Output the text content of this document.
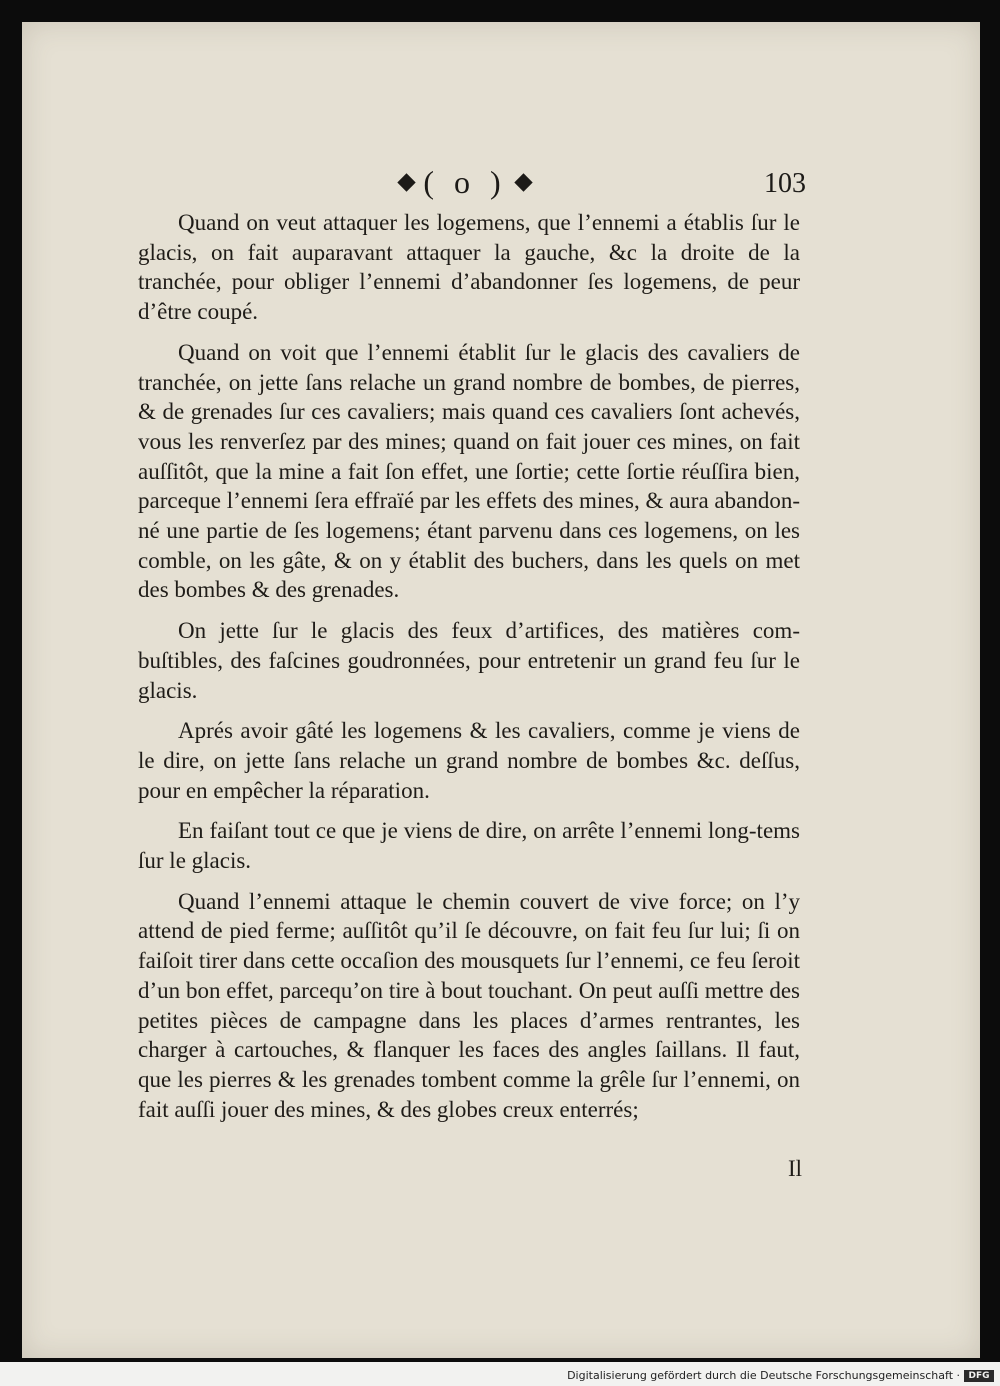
( o )	103

Quand on veut attaquer les logemens, que l’ennemi a établis ſur le glacis, on fait auparavant attaquer la gauche, &c la droite de la tranchée, pour obliger l’ennemi d’abandonner ſes logemens, de peur d’être coupé.

Quand on voit que l’ennemi établit ſur le glacis des cavaliers de tranchée, on jette ſans relache un grand nombre de bombes, de pierres, & de grenades ſur ces cavaliers; mais quand ces cavaliers ſont achevés, vous les renverſez par des mines; quand on fait jouer ces mines, on fait auſſitôt, que la mine a fait ſon effet, une ſortie; cette ſortie réuſſira bien, parceque l’ennemi ſera effraïé par les effets des mines, & aura abandonné une partie de ſes logemens; étant parvenu dans ces logemens, on les comble, on les gâte, & on y établit des buchers, dans les quels on met des bombes & des grenades.

On jette ſur le glacis des feux d’artifices, des matières combuſtibles, des faſcines goudronnées, pour entretenir un grand feu ſur le glacis.

Aprés avoir gâté les logemens & les cavaliers, comme je viens de le dire, on jette ſans relache un grand nombre de bombes &c. deſſus, pour en empêcher la réparation.

En faiſant tout ce que je viens de dire, on arrête l’ennemi long-tems ſur le glacis.

Quand l’ennemi attaque le chemin couvert de vive force; on l’y attend de pied ferme; auſſitôt qu’il ſe découvre, on fait feu ſur lui; ſi on faiſoit tirer dans cette occaſion des mousquets ſur l’ennemi, ce feu ſeroit d’un bon effet, parcequ’on tire à bout touchant. On peut auſſi mettre des petites pièces de campagne dans les places d’armes rentrantes, les charger à cartouches, & flanquer les faces des angles ſaillans. Il faut, que les pierres & les grenades tombent comme la grêle ſur l’ennemi, on fait auſſi jouer des mines, & des globes creux enterrés;

Il
Digitalisierung gefördert durch die Deutsche Forschungsgemeinschaft · DFG
